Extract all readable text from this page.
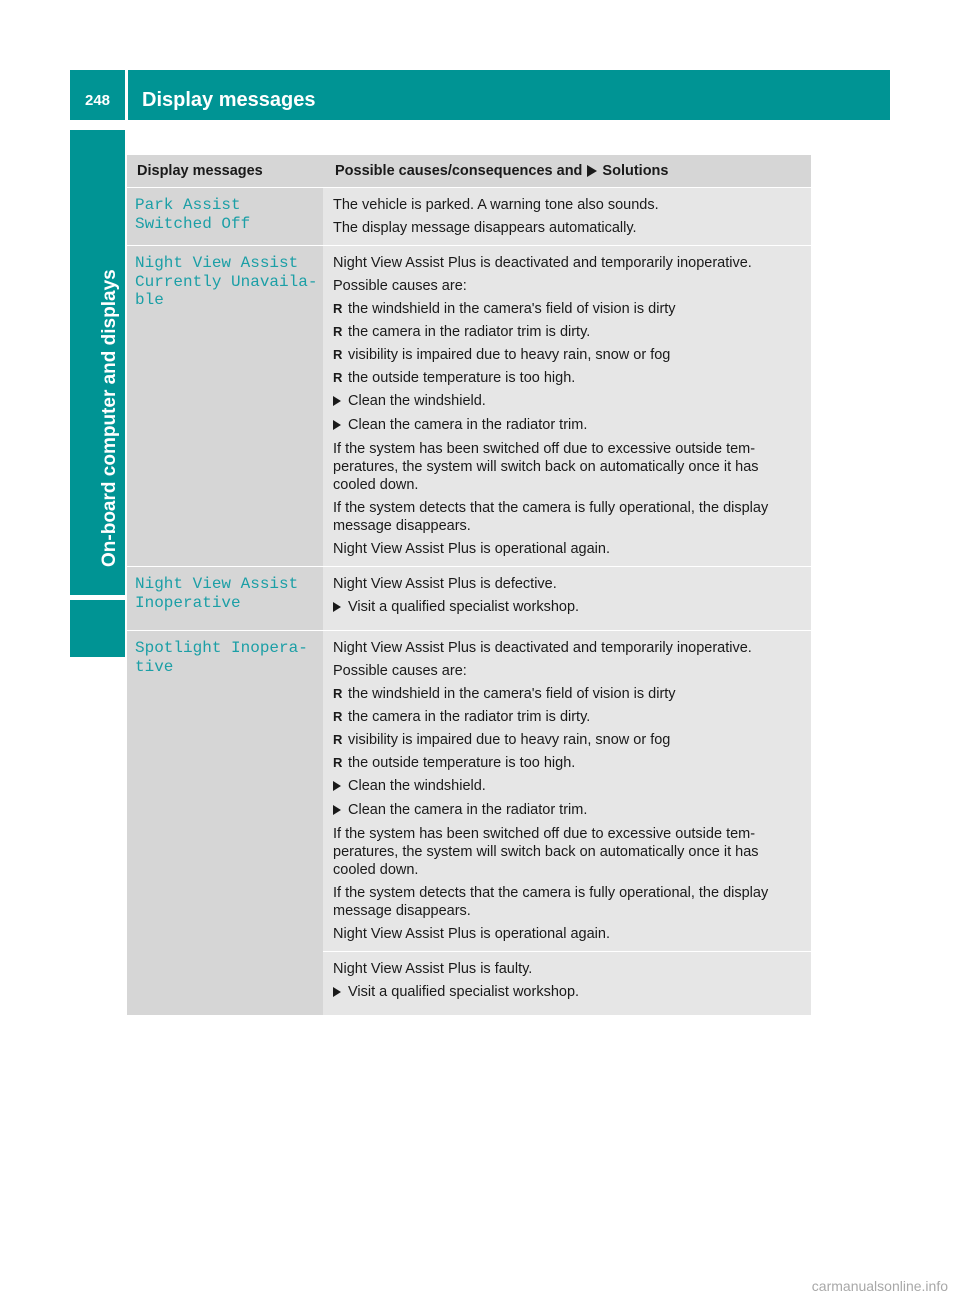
248	Display messages
On-board computer and displays
Display messages	Possible causes/consequences and Solutions
Park Assist
Switched Off
The vehicle is parked. A warning tone also sounds.
The display message disappears automatically.
Night View Assist
Currently Unavaila‐
ble
Night View Assist Plus is deactivated and temporarily inoperative.
Possible causes are:
R the windshield in the camera's field of vision is dirty
R the camera in the radiator trim is dirty.
R visibility is impaired due to heavy rain, snow or fog
R the outside temperature is too high.
Clean the windshield.
Clean the camera in the radiator trim.
If the system has been switched off due to excessive outside tem‐
peratures, the system will switch back on automatically once it has
cooled down.
If the system detects that the camera is fully operational, the display
message disappears.
Night View Assist Plus is operational again.
Night View Assist
Inoperative
Night View Assist Plus is defective.
Visit a qualified specialist workshop.
Spotlight Inopera‐
tive
Night View Assist Plus is deactivated and temporarily inoperative.
Possible causes are:
R the windshield in the camera's field of vision is dirty
R the camera in the radiator trim is dirty.
R visibility is impaired due to heavy rain, snow or fog
R the outside temperature is too high.
Clean the windshield.
Clean the camera in the radiator trim.
If the system has been switched off due to excessive outside tem‐
peratures, the system will switch back on automatically once it has
cooled down.
If the system detects that the camera is fully operational, the display
message disappears.
Night View Assist Plus is operational again.
Night View Assist Plus is faulty.
Visit a qualified specialist workshop.
carmanualsonline.info
